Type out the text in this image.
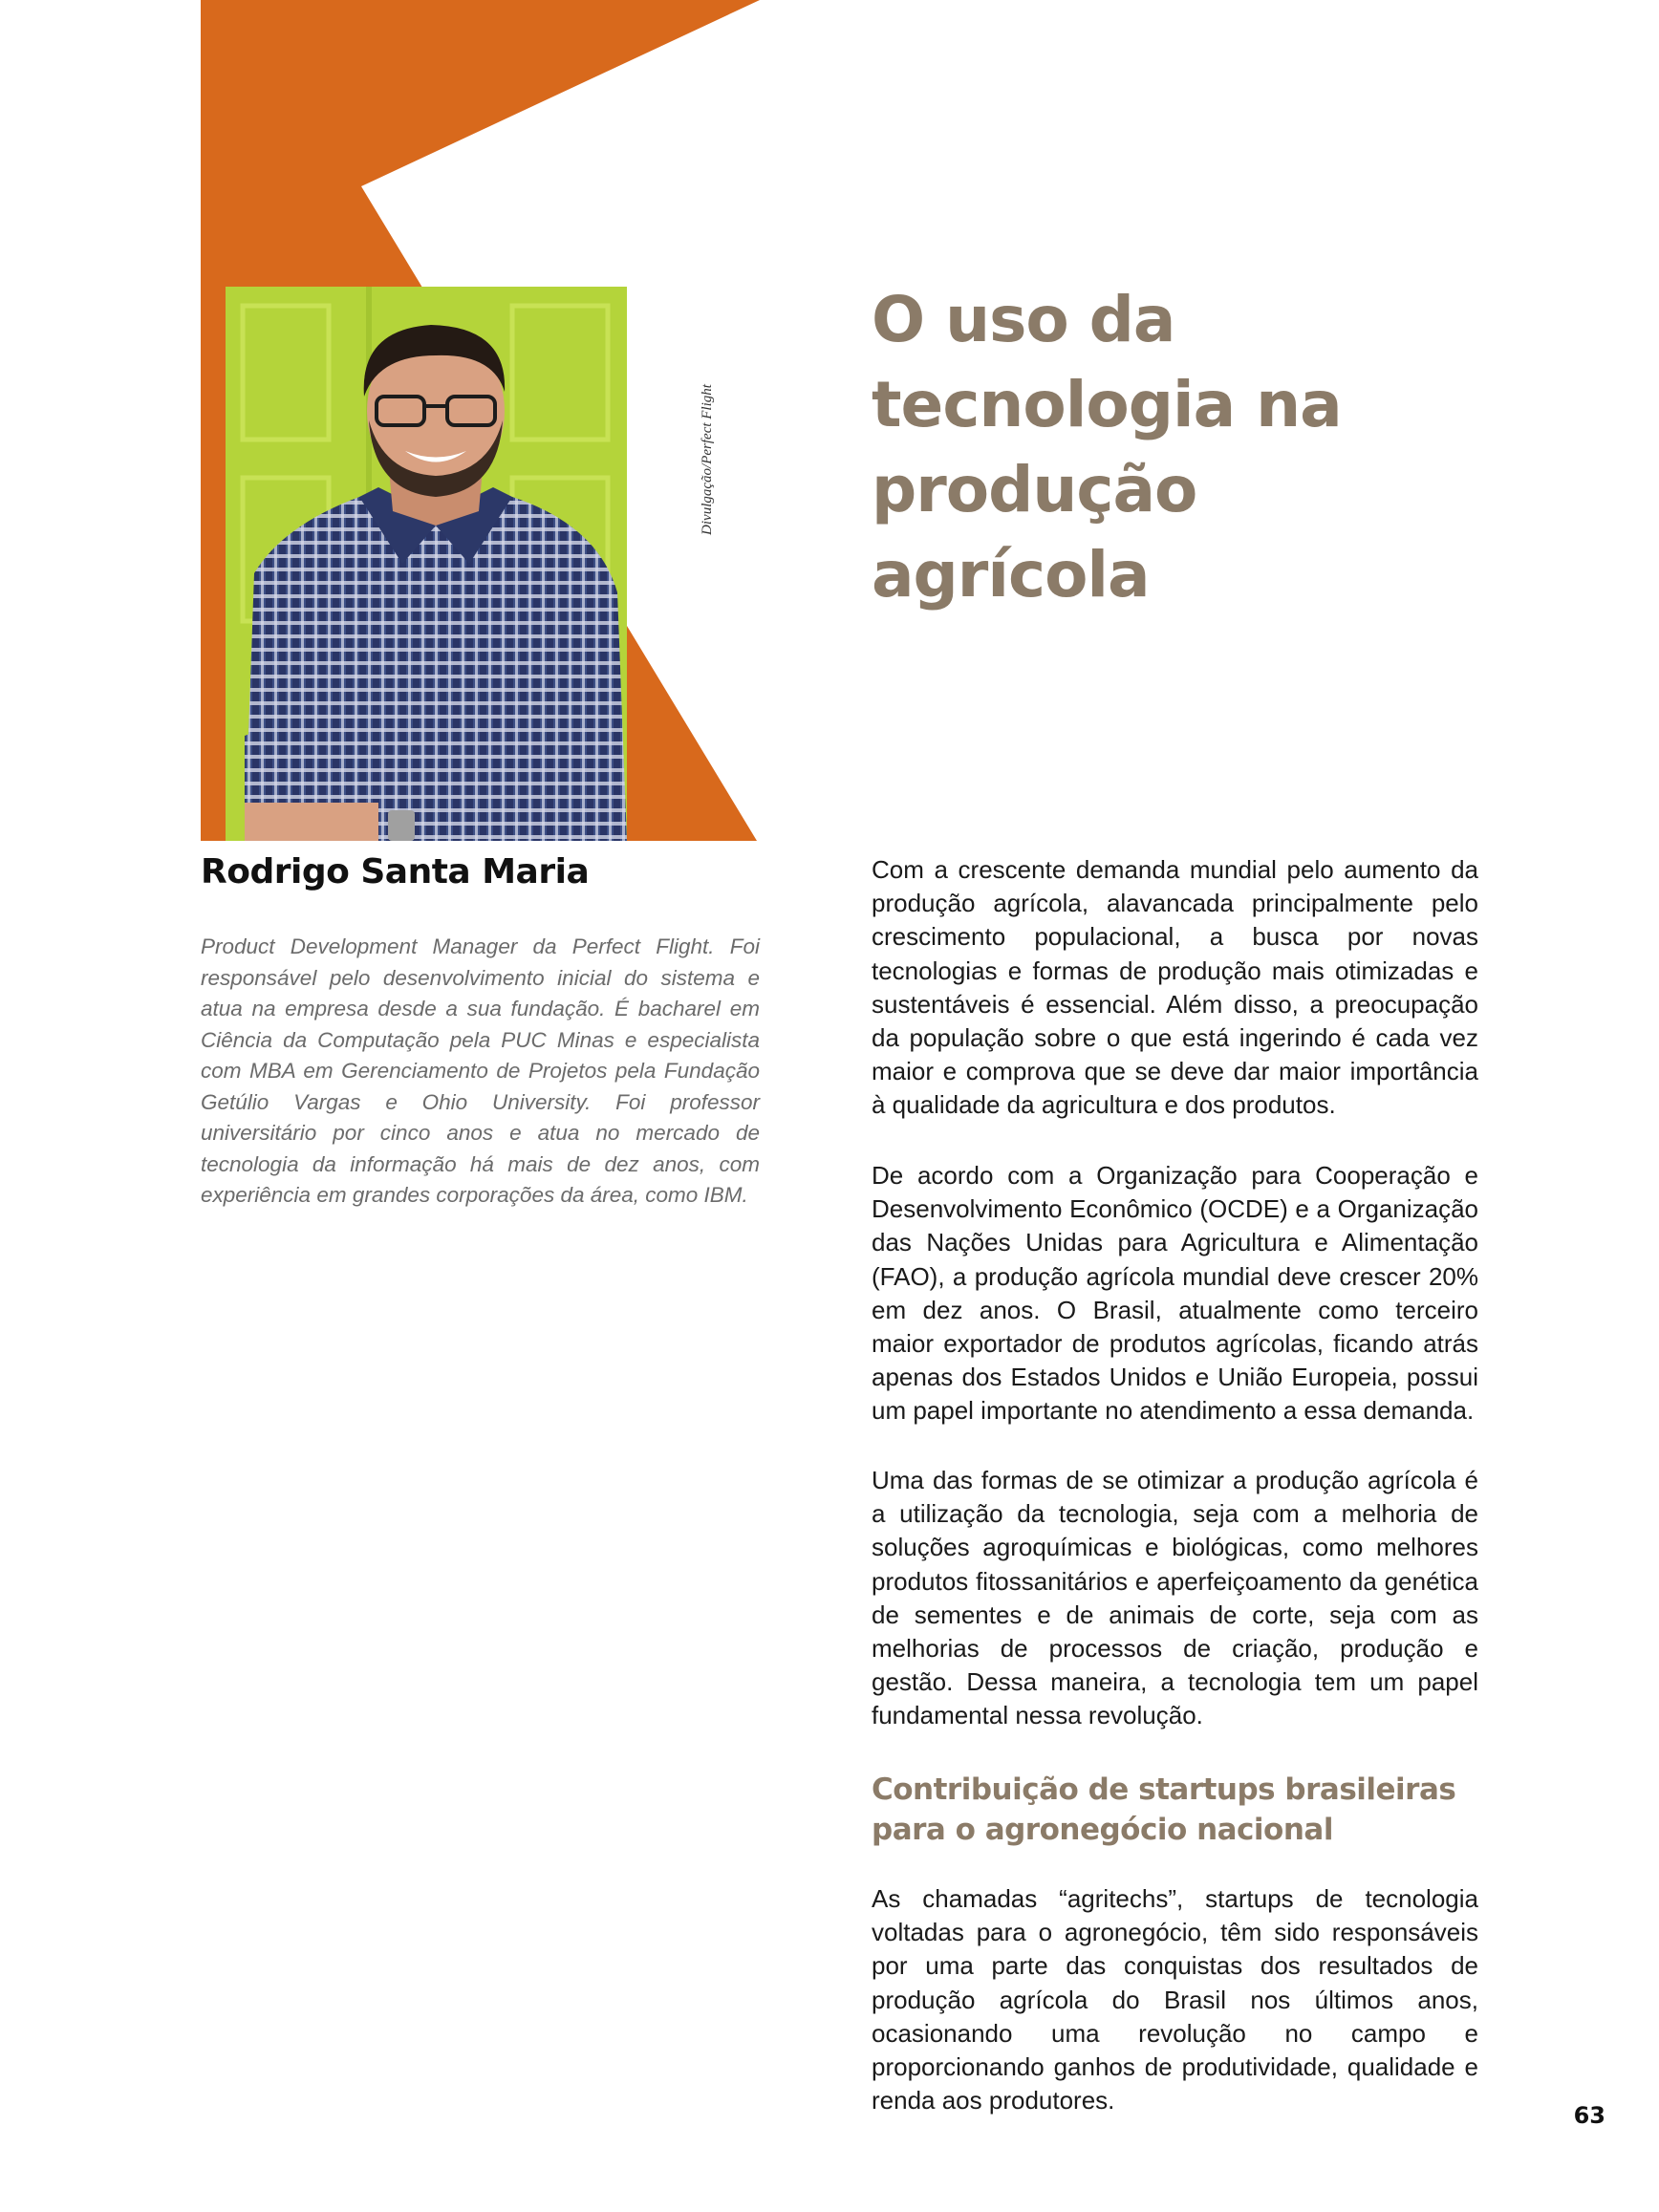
Divulgação/Perfect Flight
O uso da tecnologia na produção agrícola
Rodrigo Santa Maria

Product Development Manager da Perfect Flight. Foi responsável pelo desenvolvimento inicial do sistema e atua na empresa desde a sua fundação. É bacharel em Ciência da Computação pela PUC Minas e especialista com MBA em Gerenciamento de Projetos pela Fundação Getúlio Vargas e Ohio University. Foi professor universitário por cinco anos e atua no mercado de tecnologia da informação há mais de dez anos, com experiência em grandes corporações da área, como IBM.

Com a crescente demanda mundial pelo aumento da produção agrícola, alavancada principalmente pelo crescimento populacional, a busca por novas tecnologias e formas de produção mais otimizadas e sustentáveis é essencial. Além disso, a preocupação da população sobre o que está ingerindo é cada vez maior e comprova que se deve dar maior importância à qualidade da agricultura e dos produtos.

De acordo com a Organização para Cooperação e Desenvolvimento Econômico (OCDE) e a Organização das Nações Unidas para Agricultura e Alimentação (FAO), a produção agrícola mundial deve crescer 20% em dez anos. O Brasil, atualmente como terceiro maior exportador de produtos agrícolas, ficando atrás apenas dos Estados Unidos e União Europeia, possui um papel importante no atendimento a essa demanda.

Uma das formas de se otimizar a produção agrícola é a utilização da tecnologia, seja com a melhoria de soluções agroquímicas e biológicas, como melhores produtos fitossanitários e aperfeiçoamento da genética de sementes e de animais de corte, seja com as melhorias de processos de criação, produção e gestão. Dessa maneira, a tecnologia tem um papel fundamental nessa revolução.

Contribuição de startups brasileiras para o agronegócio nacional

As chamadas “agritechs”, startups de tecnologia voltadas para o agronegócio, têm sido responsáveis por uma parte das conquistas dos resultados de produção agrícola do Brasil nos últimos anos, ocasionando uma revolução no campo e proporcionando ganhos de produtividade, qualidade e renda aos produtores.

63
